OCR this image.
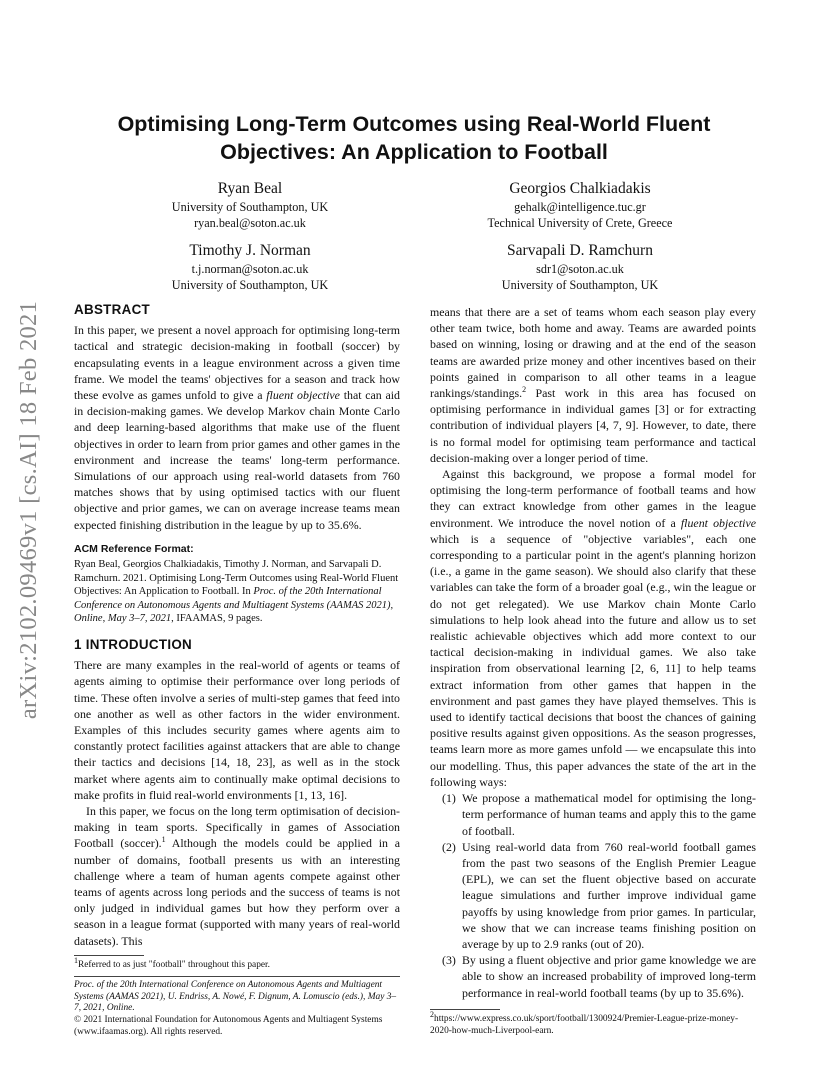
arXiv:2102.09469v1 [cs.AI] 18 Feb 2021
Optimising Long-Term Outcomes using Real-World Fluent Objectives: An Application to Football
Ryan Beal
University of Southampton, UK
ryan.beal@soton.ac.uk
Georgios Chalkiadakis
gehalk@intelligence.tuc.gr
Technical University of Crete, Greece
Timothy J. Norman
t.j.norman@soton.ac.uk
University of Southampton, UK
Sarvapali D. Ramchurn
sdr1@soton.ac.uk
University of Southampton, UK
ABSTRACT

In this paper, we present a novel approach for optimising long-term tactical and strategic decision-making in football (soccer) by encapsulating events in a league environment across a given time frame. We model the teams' objectives for a season and track how these evolve as games unfold to give a fluent objective that can aid in decision-making games. We develop Markov chain Monte Carlo and deep learning-based algorithms that make use of the fluent objectives in order to learn from prior games and other games in the environment and increase the teams' long-term performance. Simulations of our approach using real-world datasets from 760 matches shows that by using optimised tactics with our fluent objective and prior games, we can on average increase teams mean expected finishing distribution in the league by up to 35.6%.

ACM Reference Format:

Ryan Beal, Georgios Chalkiadakis, Timothy J. Norman, and Sarvapali D. Ramchurn. 2021. Optimising Long-Term Outcomes using Real-World Fluent Objectives: An Application to Football. In Proc. of the 20th International Conference on Autonomous Agents and Multiagent Systems (AAMAS 2021), Online, May 3–7, 2021, IFAAMAS, 9 pages.

1 INTRODUCTION

There are many examples in the real-world of agents or teams of agents aiming to optimise their performance over long periods of time. These often involve a series of multi-step games that feed into one another as well as other factors in the wider environment. Examples of this includes security games where agents aim to constantly protect facilities against attackers that are able to change their tactics and decisions [14, 18, 23], as well as in the stock market where agents aim to continually make optimal decisions to make profits in fluid real-world environments [1, 13, 16].

In this paper, we focus on the long term optimisation of decision-making in team sports. Specifically in games of Association Football (soccer).$^1$ Although the models could be applied in a number of domains, football presents us with an interesting challenge where a team of human agents compete against other teams of agents across long periods and the success of teams is not only judged in individual games but how they perform over a season in a league format (supported with many years of real-world datasets). This

$^1$Referred to as just "football" throughout this paper.

Proc. of the 20th International Conference on Autonomous Agents and Multiagent Systems (AAMAS 2021), U. Endriss, A. Nowé, F. Dignum, A. Lomuscio (eds.), May 3–7, 2021, Online.

© 2021 International Foundation for Autonomous Agents and Multiagent Systems (www.ifaamas.org). All rights reserved.

means that there are a set of teams whom each season play every other team twice, both home and away. Teams are awarded points based on winning, losing or drawing and at the end of the season teams are awarded prize money and other incentives based on their points gained in comparison to all other teams in a league rankings/standings.$^2$ Past work in this area has focused on optimising performance in individual games [3] or for extracting contribution of individual players [4, 7, 9]. However, to date, there is no formal model for optimising team performance and tactical decision-making over a longer period of time.

Against this background, we propose a formal model for optimising the long-term performance of football teams and how they can extract knowledge from other games in the league environment. We introduce the novel notion of a fluent objective which is a sequence of "objective variables", each one corresponding to a particular point in the agent's planning horizon (i.e., a game in the game season). We should also clarify that these variables can take the form of a broader goal (e.g., win the league or do not get relegated). We use Markov chain Monte Carlo simulations to help look ahead into the future and allow us to set realistic achievable objectives which add more context to our tactical decision-making in individual games. We also take inspiration from observational learning [2, 6, 11] to help teams extract information from other games that happen in the environment and past games they have played themselves. This is used to identify tactical decisions that boost the chances of gaining positive results against given oppositions. As the season progresses, teams learn more as more games unfold — we encapsulate this into our modelling. Thus, this paper advances the state of the art in the following ways:

(1) We propose a mathematical model for optimising the long-term performance of human teams and apply this to the game of football.
(2) Using real-world data from 760 real-world football games from the past two seasons of the English Premier League (EPL), we can set the fluent objective based on accurate league simulations and further improve individual game payoffs by using knowledge from prior games. In particular, we show that we can increase teams finishing position on average by up to 2.9 ranks (out of 20).
(3) By using a fluent objective and prior game knowledge we are able to show an increased probability of improved long-term performance in real-world football teams (by up to 35.6%).

$^2$https://www.express.co.uk/sport/football/1300924/Premier-League-prize-money-2020-how-much-Liverpool-earn.
